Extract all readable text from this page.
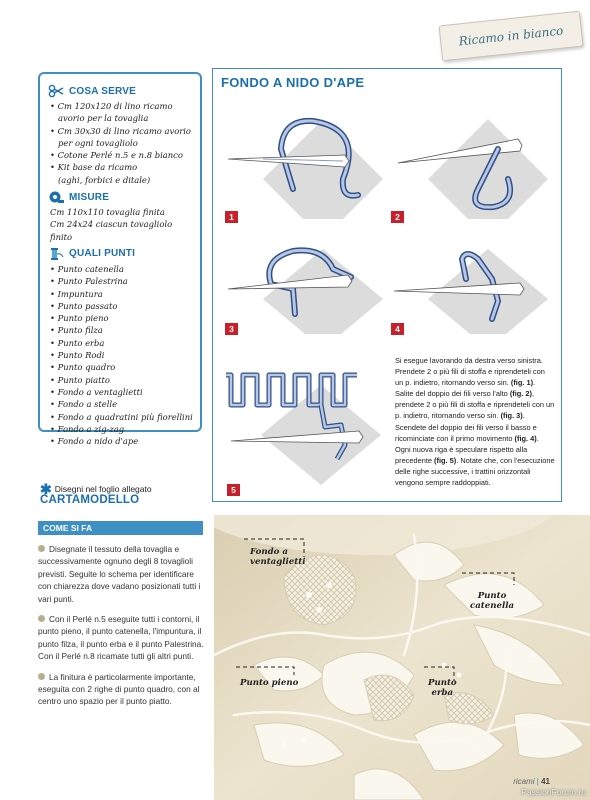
Ricamo in bianco
COSA SERVE
• Cm 120x120 di lino ricamo
avorio per la tovaglia
• Cm 30x30 di lino ricamo avorio
per ogni tovagliolo
• Cotone Perlé n.5 e n.8 bianco
• Kit base da ricamo
(aghi, forbici e ditale)
MISURE
Cm 110x110 tovaglia finita
Cm 24x24 ciascun tovagliolo finito
QUALI PUNTI
• Punto catenella
• Punto Palestrina
• Impuntura
• Punto passato
• Punto pieno
• Punto filza
• Punto erba
• Punto Rodi
• Punto quadro
• Punto piatto
• Fondo a ventaglietti
• Fondo a stelle
• Fondo a quadratini più fiorellini
• Fondo a zig-zag
• Fondo a nido d'ape
FONDO A NIDO D'APE
1	2
3	4
5
Si esegue lavorando da destra verso sinistra. Prendete 2 o più fili di stoffa e riprendeteli con un p. indietro, ritornando verso sin. (fig. 1). Salite del doppio dei fili verso l'alto (fig. 2), prendete 2 o più fili di stoffa e riprendeteli con un p. indietro, ritornando verso sin. (fig. 3). Scendete del doppio dei fili verso il basso e ricominciate con il primo movimento (fig. 4). Ogni nuova riga è speculare rispetto alla precedente (fig. 5). Notate che, con l'esecuzione delle righe successive, i trattini orizzontali vengono sempre raddoppiati.
✱ Disegni nel foglio allegato
CARTAMODELLO
COME SI FA

Disegnate il tessuto della tovaglia e successivamente ognuno degli 8 tovaglioli previsti. Seguite lo schema per identificare con chiarezza dove vadano posizionati tutti i vari punti.

Con il Perlé n.5 eseguite tutti i contorni, il punto pieno, il punto catenella, l'impuntura, il punto filza, il punto erba e il punto Palestrina. Con il Perlé n.8 ricamate tutti gli altri punti.

La finitura è particolarmente importante, eseguita con 2 righe di punto quadro, con al centro uno spazio per il punto piatto.

Fondo a
ventaglietti
Punto
catenella
Punto pieno	Punto
erba
ricami | 41
PassionForum.ru
